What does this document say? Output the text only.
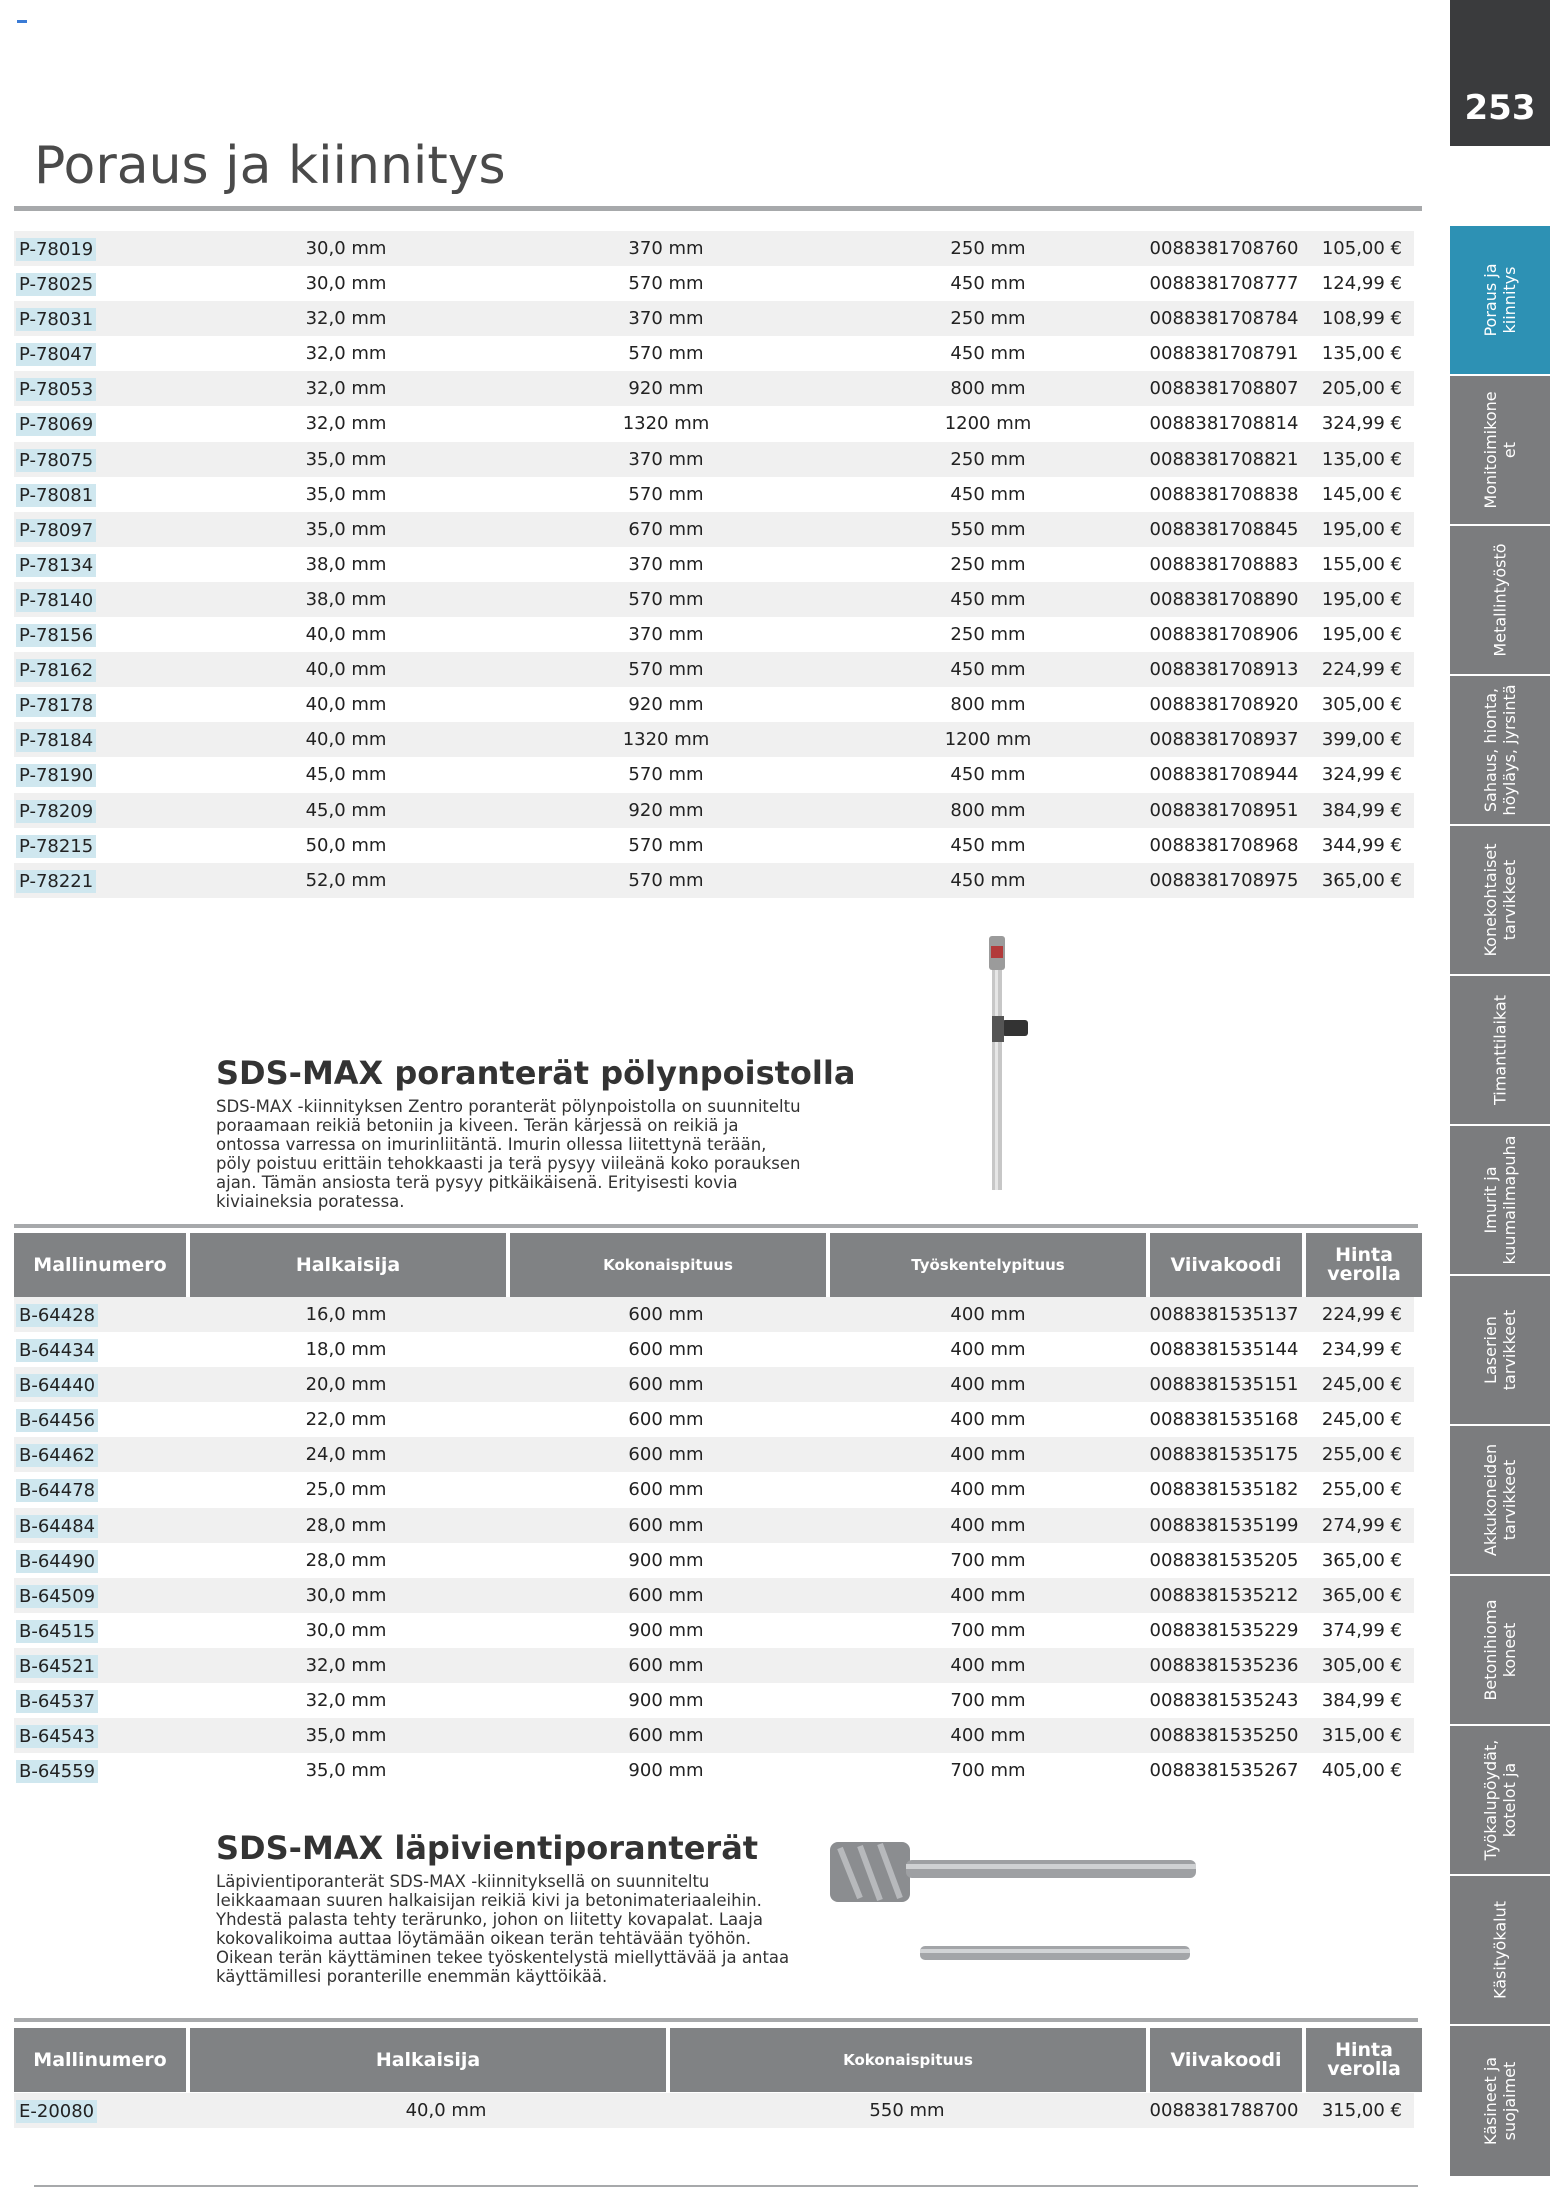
253
Poraus ja kiinnitys
Poraus ja
kiinnitys
Monitoimikone
et
Metallintyöstö
Sahaus, hionta,
höyläys, jyrsintä
Konekohtaiset
tarvikkeet
Timanttilaikat
Imurit ja
kuumailmapuha
Laserien
tarvikkeet
Akkukoneiden
tarvikkeet
Betonihioma
koneet
Työkalupöydät,
kotelot ja
Käsityökalut
Käsineet ja
suojaimet
P-78019	30,0 mm	370 mm	250 mm	0088381708760 105,00 €
P-78025	30,0 mm	570 mm	450 mm	0088381708777 124,99 €
P-78031	32,0 mm	370 mm	250 mm	0088381708784 108,99 €
P-78047	32,0 mm	570 mm	450 mm	0088381708791 135,00 €
P-78053	32,0 mm	920 mm	800 mm	0088381708807 205,00 €
P-78069	32,0 mm	1320 mm	1200 mm	0088381708814 324,99 €
P-78075	35,0 mm	370 mm	250 mm	0088381708821 135,00 €
P-78081	35,0 mm	570 mm	450 mm	0088381708838 145,00 €
P-78097	35,0 mm	670 mm	550 mm	0088381708845 195,00 €
P-78134	38,0 mm	370 mm	250 mm	0088381708883 155,00 €
P-78140	38,0 mm	570 mm	450 mm	0088381708890 195,00 €
P-78156	40,0 mm	370 mm	250 mm	0088381708906 195,00 €
P-78162	40,0 mm	570 mm	450 mm	0088381708913 224,99 €
P-78178	40,0 mm	920 mm	800 mm	0088381708920 305,00 €
P-78184	40,0 mm	1320 mm	1200 mm	0088381708937 399,00 €
P-78190	45,0 mm	570 mm	450 mm	0088381708944 324,99 €
P-78209	45,0 mm	920 mm	800 mm	0088381708951 384,99 €
P-78215	50,0 mm	570 mm	450 mm	0088381708968 344,99 €
P-78221	52,0 mm	570 mm	450 mm	0088381708975 365,00 €
SDS-MAX poranterät pölynpoistolla

SDS-MAX -kiinnityksen Zentro poranterät pölynpoistolla on suunniteltu poraamaan reikiä betoniin ja kiveen. Terän kärjessä on reikiä ja ontossa varressa on imurinliitäntä. Imurin ollessa liitettynä terään, pöly poistuu erittäin tehokkaasti ja terä pysyy viileänä koko porauksen ajan. Tämän ansiosta terä pysyy pitkäikäisenä. Erityisesti kovia kiviaineksia poratessa.

Mallinumero	Halkaisija	Kokonaispituus	Työskentelypituus	Viivakoodi	Hinta
verolla
B-64428	16,0 mm	600 mm	400 mm	0088381535137 224,99 €
B-64434	18,0 mm	600 mm	400 mm	0088381535144 234,99 €
B-64440	20,0 mm	600 mm	400 mm	0088381535151 245,00 €
B-64456	22,0 mm	600 mm	400 mm	0088381535168 245,00 €
B-64462	24,0 mm	600 mm	400 mm	0088381535175 255,00 €
B-64478	25,0 mm	600 mm	400 mm	0088381535182 255,00 €
B-64484	28,0 mm	600 mm	400 mm	0088381535199 274,99 €
B-64490	28,0 mm	900 mm	700 mm	0088381535205 365,00 €
B-64509	30,0 mm	600 mm	400 mm	0088381535212 365,00 €
B-64515	30,0 mm	900 mm	700 mm	0088381535229 374,99 €
B-64521	32,0 mm	600 mm	400 mm	0088381535236 305,00 €
B-64537	32,0 mm	900 mm	700 mm	0088381535243 384,99 €
B-64543	35,0 mm	600 mm	400 mm	0088381535250 315,00 €
B-64559	35,0 mm	900 mm	700 mm	0088381535267 405,00 €
SDS-MAX läpivientiporanterät

Läpivientiporanterät SDS-MAX -kiinnityksellä on suunniteltu leikkaamaan suuren halkaisijan reikiä kivi ja betonimateriaaleihin. Yhdestä palasta tehty terärunko, johon on liitetty kovapalat. Laaja kokovalikoima auttaa löytämään oikean terän tehtävään työhön. Oikean terän käyttäminen tekee työskentelystä miellyttävää ja antaa käyttämillesi poranterille enemmän käyttöikää.

Mallinumero	Halkaisija	Kokonaispituus	Viivakoodi	Hinta
verolla
E-20080	40,0 mm	550 mm	0088381788700 315,00 €
